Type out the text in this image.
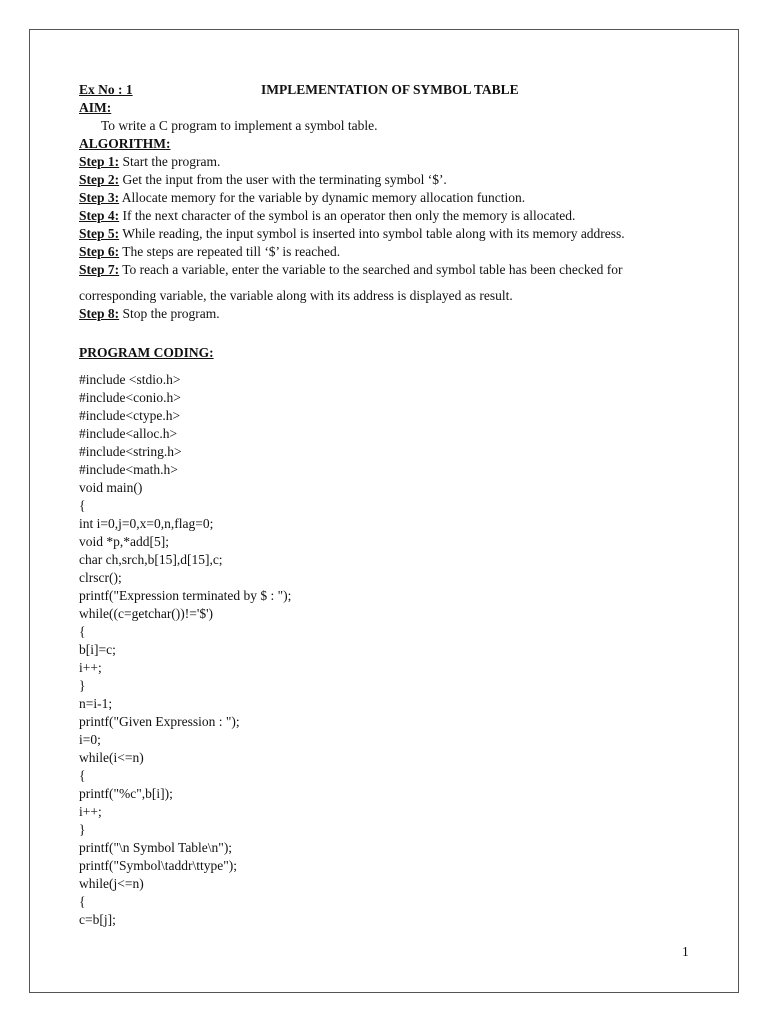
Ex No : 1	IMPLEMENTATION OF SYMBOL TABLE
AIM:
To write a C program to implement a symbol table.
ALGORITHM:
Step 1: Start the program.
Step 2: Get the input from the user with the terminating symbol ‘$’.
Step 3: Allocate memory for the variable by dynamic memory allocation function.
Step 4: If the next character of the symbol is an operator then only the memory is allocated.
Step 5: While reading, the input symbol is inserted into symbol table along with its memory address.
Step 6: The steps are repeated till ‘$’ is reached.
Step 7: To reach a variable, enter the variable to the searched and symbol table has been checked for
corresponding variable, the variable along with its address is displayed as result.
Step 8: Stop the program.
PROGRAM CODING:
#include <stdio.h>
#include<conio.h>
#include<ctype.h>
#include<alloc.h>
#include<string.h>
#include<math.h>
void main()
{
int i=0,j=0,x=0,n,flag=0;
void *p,*add[5];
char ch,srch,b[15],d[15],c;
clrscr();
printf("Expression terminated by $ : ");
while((c=getchar())!='$')
{
b[i]=c;
i++;
}
n=i-1;
printf("Given Expression : ");
i=0;
while(i<=n)
{
printf("%c",b[i]);
i++;
}
printf("\n Symbol Table\n");
printf("Symbol\taddr\ttype");
while(j<=n)
{
c=b[j];
1
